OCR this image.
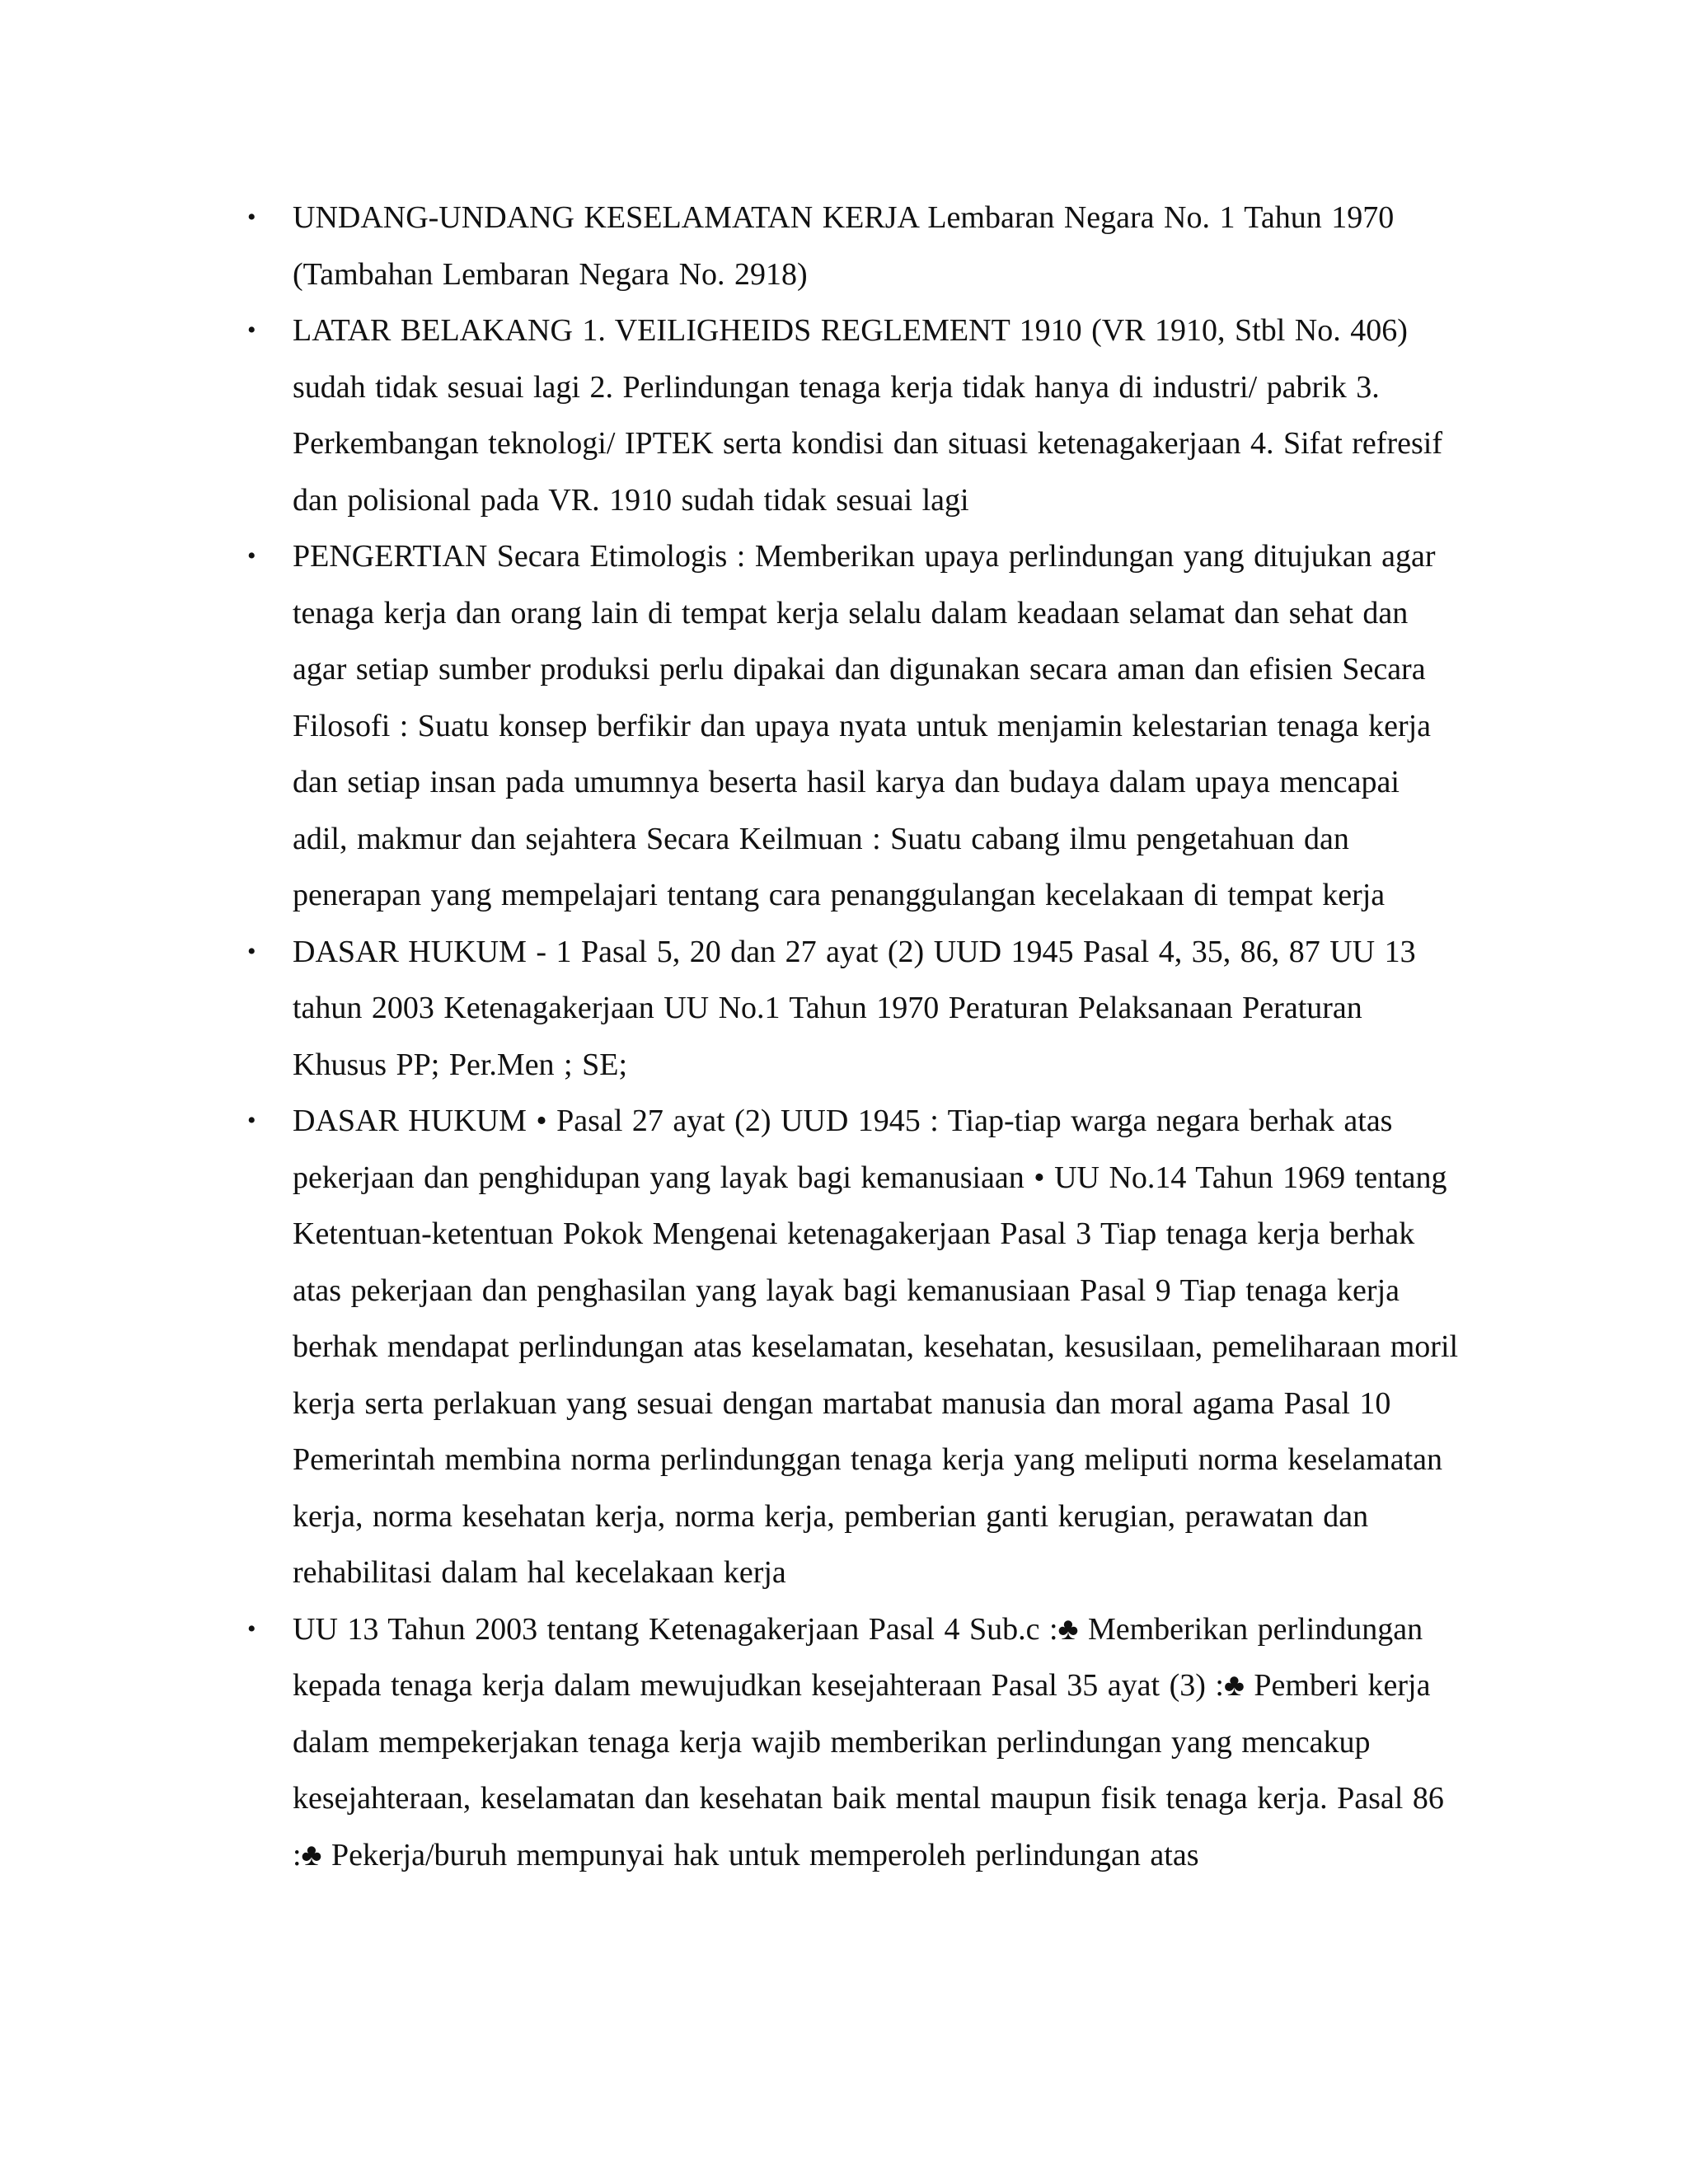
• UNDANG-UNDANG KESELAMATAN KERJA Lembaran Negara No. 1 Tahun 1970 (Tambahan Lembaran Negara No. 2918)
• LATAR BELAKANG 1. VEILIGHEIDS REGLEMENT 1910 (VR 1910, Stbl No. 406) sudah tidak sesuai lagi 2. Perlindungan tenaga kerja tidak hanya di industri/ pabrik 3. Perkembangan teknologi/ IPTEK serta kondisi dan situasi ketenagakerjaan 4. Sifat refresif dan polisional pada VR. 1910 sudah tidak sesuai lagi
• PENGERTIAN Secara Etimologis : Memberikan upaya perlindungan yang ditujukan agar tenaga kerja dan orang lain di tempat kerja selalu dalam keadaan selamat dan sehat dan agar setiap sumber produksi perlu dipakai dan digunakan secara aman dan efisien Secara Filosofi : Suatu konsep berfikir dan upaya nyata untuk menjamin kelestarian tenaga kerja dan setiap insan pada umumnya beserta hasil karya dan budaya dalam upaya mencapai adil, makmur dan sejahtera Secara Keilmuan : Suatu cabang ilmu pengetahuan dan penerapan yang mempelajari tentang cara penanggulangan kecelakaan di tempat kerja
• DASAR HUKUM - 1 Pasal 5, 20 dan 27 ayat (2) UUD 1945 Pasal 4, 35, 86, 87 UU 13 tahun 2003 Ketenagakerjaan UU No.1 Tahun 1970 Peraturan Pelaksanaan Peraturan Khusus PP; Per.Men ; SE;
• DASAR HUKUM • Pasal 27 ayat (2) UUD 1945 : Tiap-tiap warga negara berhak atas pekerjaan dan penghidupan yang layak bagi kemanusiaan • UU No.14 Tahun 1969 tentang Ketentuan-ketentuan Pokok Mengenai ketenagakerjaan Pasal 3 Tiap tenaga kerja berhak atas pekerjaan dan penghasilan yang layak bagi kemanusiaan Pasal 9 Tiap tenaga kerja berhak mendapat perlindungan atas keselamatan, kesehatan, kesusilaan, pemeliharaan moril kerja serta perlakuan yang sesuai dengan martabat manusia dan moral agama Pasal 10 Pemerintah membina norma perlindunggan tenaga kerja yang meliputi norma keselamatan kerja, norma kesehatan kerja, norma kerja, pemberian ganti kerugian, perawatan dan rehabilitasi dalam hal kecelakaan kerja
• UU 13 Tahun 2003 tentang Ketenagakerjaan Pasal 4 Sub.c :♣ Memberikan perlindungan kepada tenaga kerja dalam mewujudkan kesejahteraan Pasal 35 ayat (3) :♣ Pemberi kerja dalam mempekerjakan tenaga kerja wajib memberikan perlindungan yang mencakup kesejahteraan, keselamatan dan kesehatan baik mental maupun fisik tenaga kerja. Pasal 86 :♣ Pekerja/buruh mempunyai hak untuk memperoleh perlindungan atas
